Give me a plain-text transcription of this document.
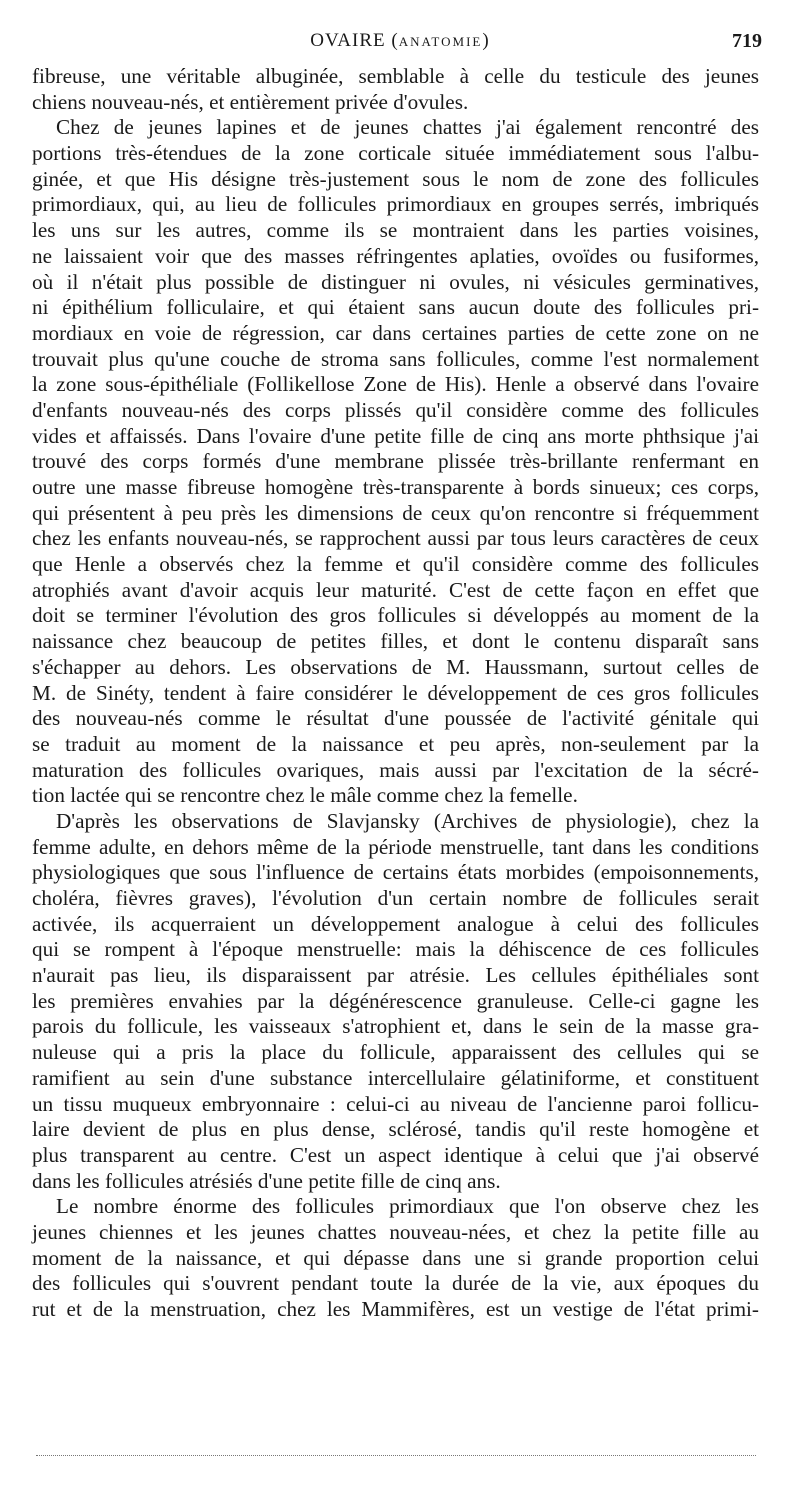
OVAIRE (ANATOMIE)	719
fibreuse, une véritable albuginée, semblable à celle du testicule des jeunes
chiens nouveau-nés, et entièrement privée d'ovules.
Chez de jeunes lapines et de jeunes chattes j'ai également rencontré des
portions très-étendues de la zone corticale située immédiatement sous l'albu-
ginée, et que His désigne très-justement sous le nom de zone des follicules
primordiaux, qui, au lieu de follicules primordiaux en groupes serrés, imbriqués
les uns sur les autres, comme ils se montraient dans les parties voisines,
ne laissaient voir que des masses réfringentes aplaties, ovoïdes ou fusiformes,
où il n'était plus possible de distinguer ni ovules, ni vésicules germinatives,
ni épithélium folliculaire, et qui étaient sans aucun doute des follicules pri-
mordiaux en voie de régression, car dans certaines parties de cette zone on ne
trouvait plus qu'une couche de stroma sans follicules, comme l'est normalement
la zone sous-épithéliale (Follikellose Zone de His). Henle a observé dans l'ovaire
d'enfants nouveau-nés des corps plissés qu'il considère comme des follicules
vides et affaissés. Dans l'ovaire d'une petite fille de cinq ans morte phthsique j'ai
trouvé des corps formés d'une membrane plissée très-brillante renfermant en
outre une masse fibreuse homogène très-transparente à bords sinueux; ces corps,
qui présentent à peu près les dimensions de ceux qu'on rencontre si fréquemment
chez les enfants nouveau-nés, se rapprochent aussi par tous leurs caractères de ceux
que Henle a observés chez la femme et qu'il considère comme des follicules
atrophiés avant d'avoir acquis leur maturité. C'est de cette façon en effet que
doit se terminer l'évolution des gros follicules si développés au moment de la
naissance chez beaucoup de petites filles, et dont le contenu disparaît sans
s'échapper au dehors. Les observations de M. Haussmann, surtout celles de
M. de Sinéty, tendent à faire considérer le développement de ces gros follicules
des nouveau-nés comme le résultat d'une poussée de l'activité génitale qui
se traduit au moment de la naissance et peu après, non-seulement par la
maturation des follicules ovariques, mais aussi par l'excitation de la sécré-
tion lactée qui se rencontre chez le mâle comme chez la femelle.
D'après les observations de Slavjansky (Archives de physiologie), chez la
femme adulte, en dehors même de la période menstruelle, tant dans les conditions
physiologiques que sous l'influence de certains états morbides (empoisonnements,
choléra, fièvres graves), l'évolution d'un certain nombre de follicules serait
activée, ils acquerraient un développement analogue à celui des follicules
qui se rompent à l'époque menstruelle: mais la déhiscence de ces follicules
n'aurait pas lieu, ils disparaissent par atrésie. Les cellules épithéliales sont
les premières envahies par la dégénérescence granuleuse. Celle-ci gagne les
parois du follicule, les vaisseaux s'atrophient et, dans le sein de la masse gra-
nuleuse qui a pris la place du follicule, apparaissent des cellules qui se
ramifient au sein d'une substance intercellulaire gélatiniforme, et constituent
un tissu muqueux embryonnaire : celui-ci au niveau de l'ancienne paroi follicu-
laire devient de plus en plus dense, sclérosé, tandis qu'il reste homogène et
plus transparent au centre. C'est un aspect identique à celui que j'ai observé
dans les follicules atrésiés d'une petite fille de cinq ans.
Le nombre énorme des follicules primordiaux que l'on observe chez les
jeunes chiennes et les jeunes chattes nouveau-nées, et chez la petite fille au
moment de la naissance, et qui dépasse dans une si grande proportion celui
des follicules qui s'ouvrent pendant toute la durée de la vie, aux époques du
rut et de la menstruation, chez les Mammifères, est un vestige de l'état primi-
